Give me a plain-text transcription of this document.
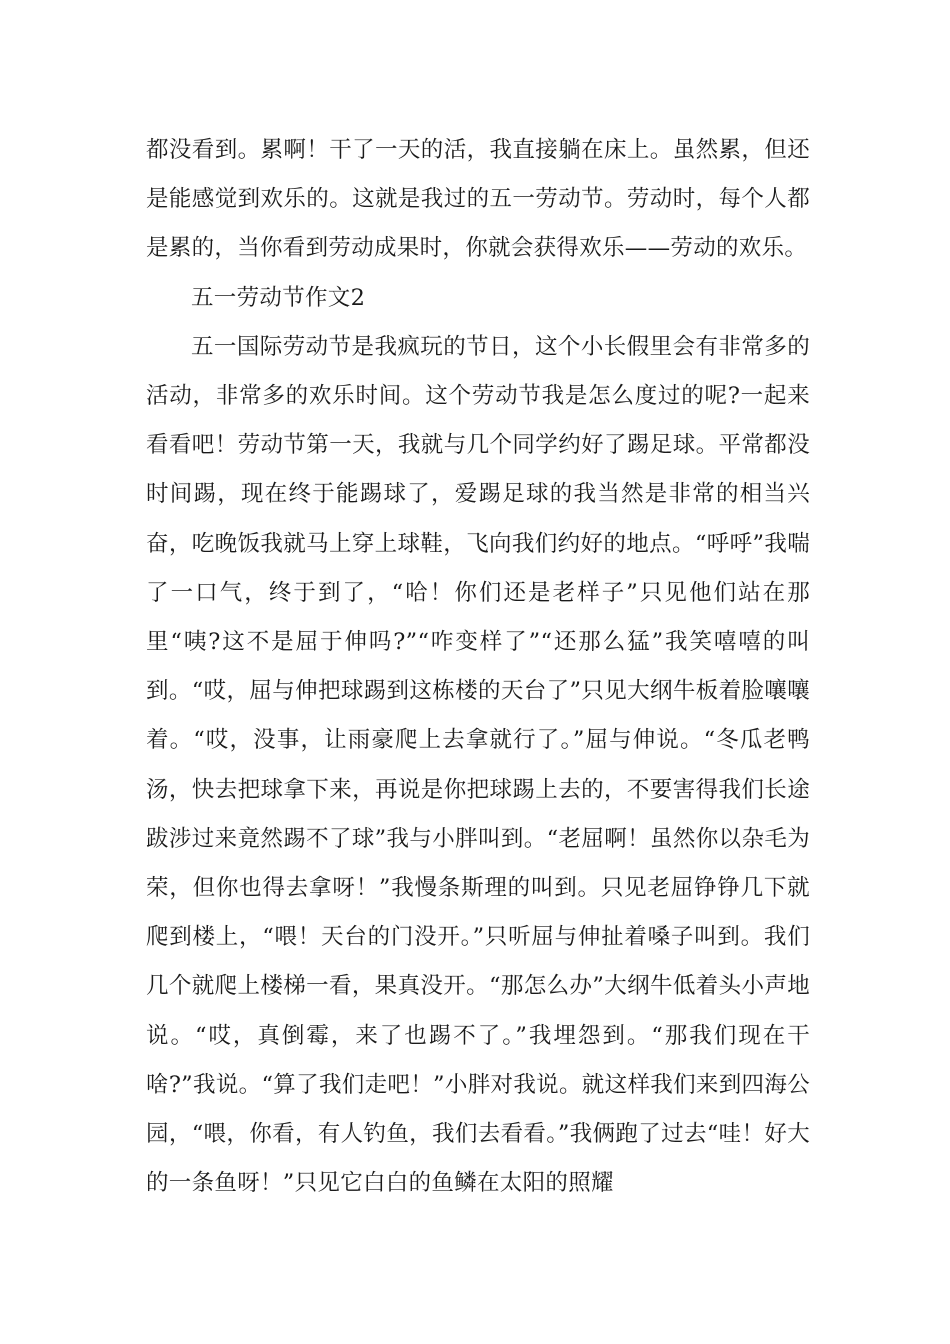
都没看到。累啊！干了一天的活，我直接躺在床上。虽然累，但还是能感觉到欢乐的。这就是我过的五一劳动节。劳动时，每个人都是累的，当你看到劳动成果时，你就会获得欢乐——劳动的欢乐。

五一劳动节作文2

五一国际劳动节是我疯玩的节日，这个小长假里会有非常多的活动，非常多的欢乐时间。这个劳动节我是怎么度过的呢?一起来看看吧！劳动节第一天，我就与几个同学约好了踢足球。平常都没时间踢，现在终于能踢球了，爱踢足球的我当然是非常的相当兴奋，吃晚饭我就马上穿上球鞋，飞向我们约好的地点。“呼呼”我喘了一口气，终于到了，“哈！你们还是老样子”只见他们站在那里“咦?这不是屈于伸吗?”“咋变样了”“还那么猛”我笑嘻嘻的叫到。“哎，屈与伸把球踢到这栋楼的天台了”只见大纲牛板着脸嚷嚷着。“哎，没事，让雨豪爬上去拿就行了。”屈与伸说。“冬瓜老鸭汤，快去把球拿下来，再说是你把球踢上去的，不要害得我们长途跋涉过来竟然踢不了球”我与小胖叫到。“老屈啊！虽然你以杂毛为荣，但你也得去拿呀！”我慢条斯理的叫到。只见老屈铮铮几下就爬到楼上，“喂！天台的门没开。”只听屈与伸扯着嗓子叫到。我们几个就爬上楼梯一看，果真没开。“那怎么办”大纲牛低着头小声地说。“哎，真倒霉，来了也踢不了。”我埋怨到。“那我们现在干啥?”我说。“算了我们走吧！”小胖对我说。就这样我们来到四海公园，“喂，你看，有人钓鱼，我们去看看。”我俩跑了过去“哇！好大的一条鱼呀！”只见它白白的鱼鳞在太阳的照耀
